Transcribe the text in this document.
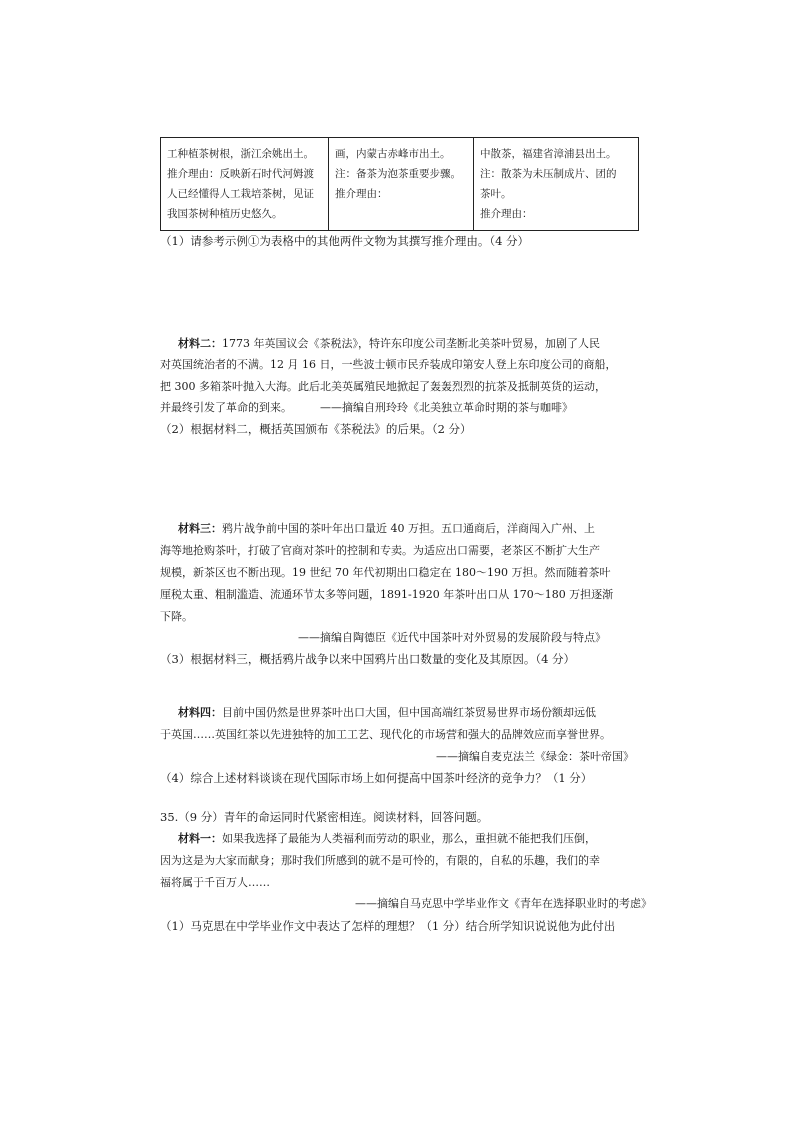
工种植茶树根，浙江余姚出土。
推介理由：反映新石时代河姆渡
人已经懂得人工栽培茶树，见证
我国茶树种植历史悠久。

画，内蒙古赤峰市出土。
注：备茶为泡茶重要步骤。
推介理由：

中散茶，福建省漳浦县出土。
注：散茶为未压制成片、团的
茶叶。
推介理由：
（1）请参考示例①为表格中的其他两件文物为其撰写推介理由。（4 分）
材料二：1773 年英国议会《茶税法》，特许东印度公司垄断北美茶叶贸易，加剧了人民
对英国统治者的不满。12 月 16 日，一些波士顿市民乔装成印第安人登上东印度公司的商船，
把 300 多箱茶叶抛入大海。此后北美英属殖民地掀起了轰轰烈烈的抗茶及抵制英货的运动，
并最终引发了革命的到来。	——摘编自刑玲玲《北美独立革命时期的茶与咖啡》
（2）根据材料二，概括英国颁布《茶税法》的后果。（2 分）
材料三：鸦片战争前中国的茶叶年出口量近 40 万担。五口通商后，洋商闯入广州、上
海等地抢购茶叶，打破了官商对茶叶的控制和专卖。为适应出口需要，老茶区不断扩大生产
规模，新茶区也不断出现。19 世纪 70 年代初期出口稳定在 180～190 万担。然而随着茶叶
厘税太重、粗制滥造、流通环节太多等问题，1891-1920 年茶叶出口从 170～180 万担逐渐
下降。
——摘编自陶德臣《近代中国茶叶对外贸易的发展阶段与特点》
（3）根据材料三，概括鸦片战争以来中国鸦片出口数量的变化及其原因。（4 分）
材料四：目前中国仍然是世界茶叶出口大国，但中国高端红茶贸易世界市场份额却远低
于英国……英国红茶以先进独特的加工工艺、现代化的市场营和强大的品牌效应而享誉世界。
——摘编自麦克法兰《绿金：茶叶帝国》
（4）综合上述材料谈谈在现代国际市场上如何提高中国茶叶经济的竞争力？（1 分）
35.（9 分）青年的命运同时代紧密相连。阅读材料，回答问题。
材料一：如果我选择了最能为人类福利而劳动的职业，那么，重担就不能把我们压倒，
因为这是为大家而献身；那时我们所感到的就不是可怜的，有限的，自私的乐趣，我们的幸
福将属于千百万人……
——摘编自马克思中学毕业作文《青年在选择职业时的考虑》
（1）马克思在中学毕业作文中表达了怎样的理想？（1 分）结合所学知识说说他为此付出
